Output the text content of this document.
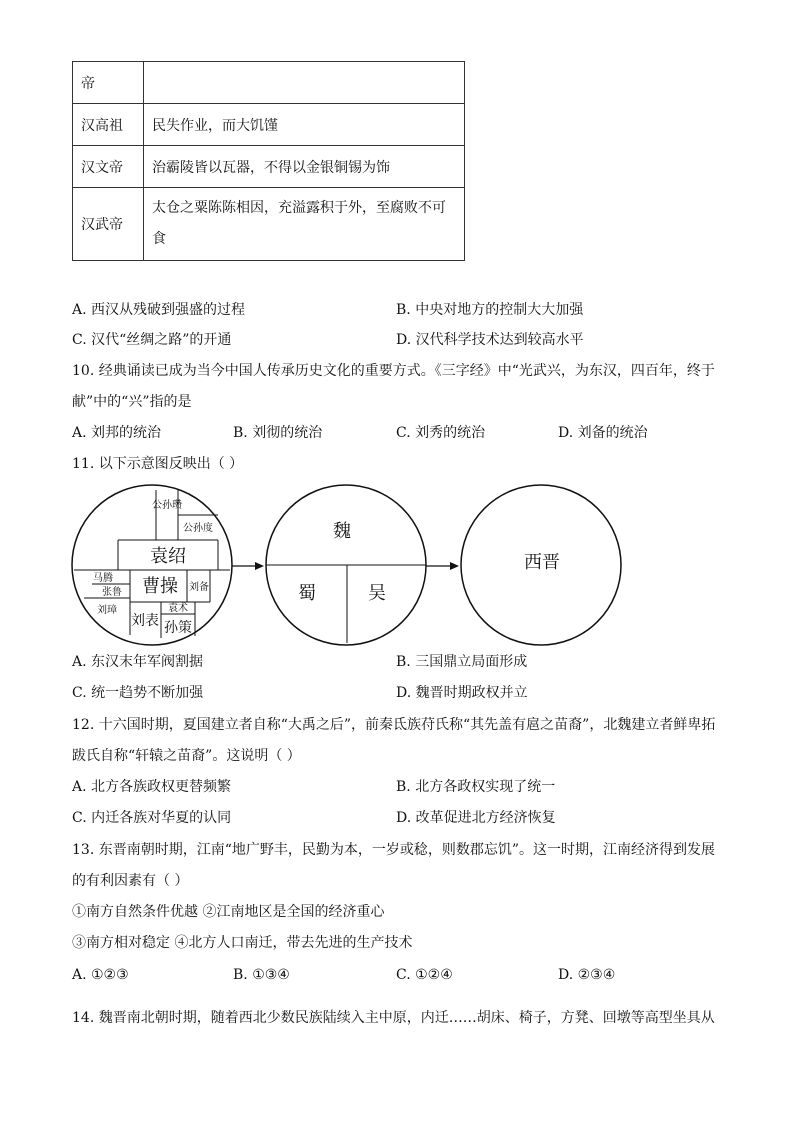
帝	
汉高祖	民失作业，而大饥馑
汉文帝	治霸陵皆以瓦器，不得以金银铜锡为饰
汉武帝	太仓之粟陈陈相因，充溢露积于外，至腐败不可食
A. 西汉从残破到强盛的过程	B. 中央对地方的控制大大加强
C. 汉代“丝绸之路”的开通	D. 汉代科学技术达到较高水平
10. 经典诵读已成为当今中国人传承历史文化的重要方式。《三字经》中“光武兴，为东汉，四百年，终于
献”中的“兴”指的是
A. 刘邦的统治	B. 刘彻的统治	C. 刘秀的统治	D. 刘备的统治
11. 以下示意图反映出（ ）
公孙瓒
公孙度
袁绍
马腾
张鲁 曹操 刘备
刘璋
刘表
袁术
孙策
魏
蜀	吴
西晋
A. 东汉末年军阀割据	B. 三国鼎立局面形成
C. 统一趋势不断加强	D. 魏晋时期政权并立
12. 十六国时期，夏国建立者自称“大禹之后”，前秦氐族苻氏称“其先盖有扈之苗裔”，北魏建立者鲜卑拓
跋氏自称“轩辕之苗裔”。这说明（ ）
A. 北方各族政权更替频繁	B. 北方各政权实现了统一
C. 内迁各族对华夏的认同	D. 改革促进北方经济恢复
13. 东晋南朝时期，江南“地广野丰，民勤为本，一岁或稔，则数郡忘饥”。这一时期，江南经济得到发展
的有利因素有（ ）
①南方自然条件优越 ②江南地区是全国的经济重心
③南方相对稳定 ④北方人口南迁，带去先进的生产技术
A. ①②③	B. ①③④	C. ①②④	D. ②③④
14. 魏晋南北朝时期，随着西北少数民族陆续入主中原，内迁……胡床、椅子，方凳、回墩等高型坐具从
